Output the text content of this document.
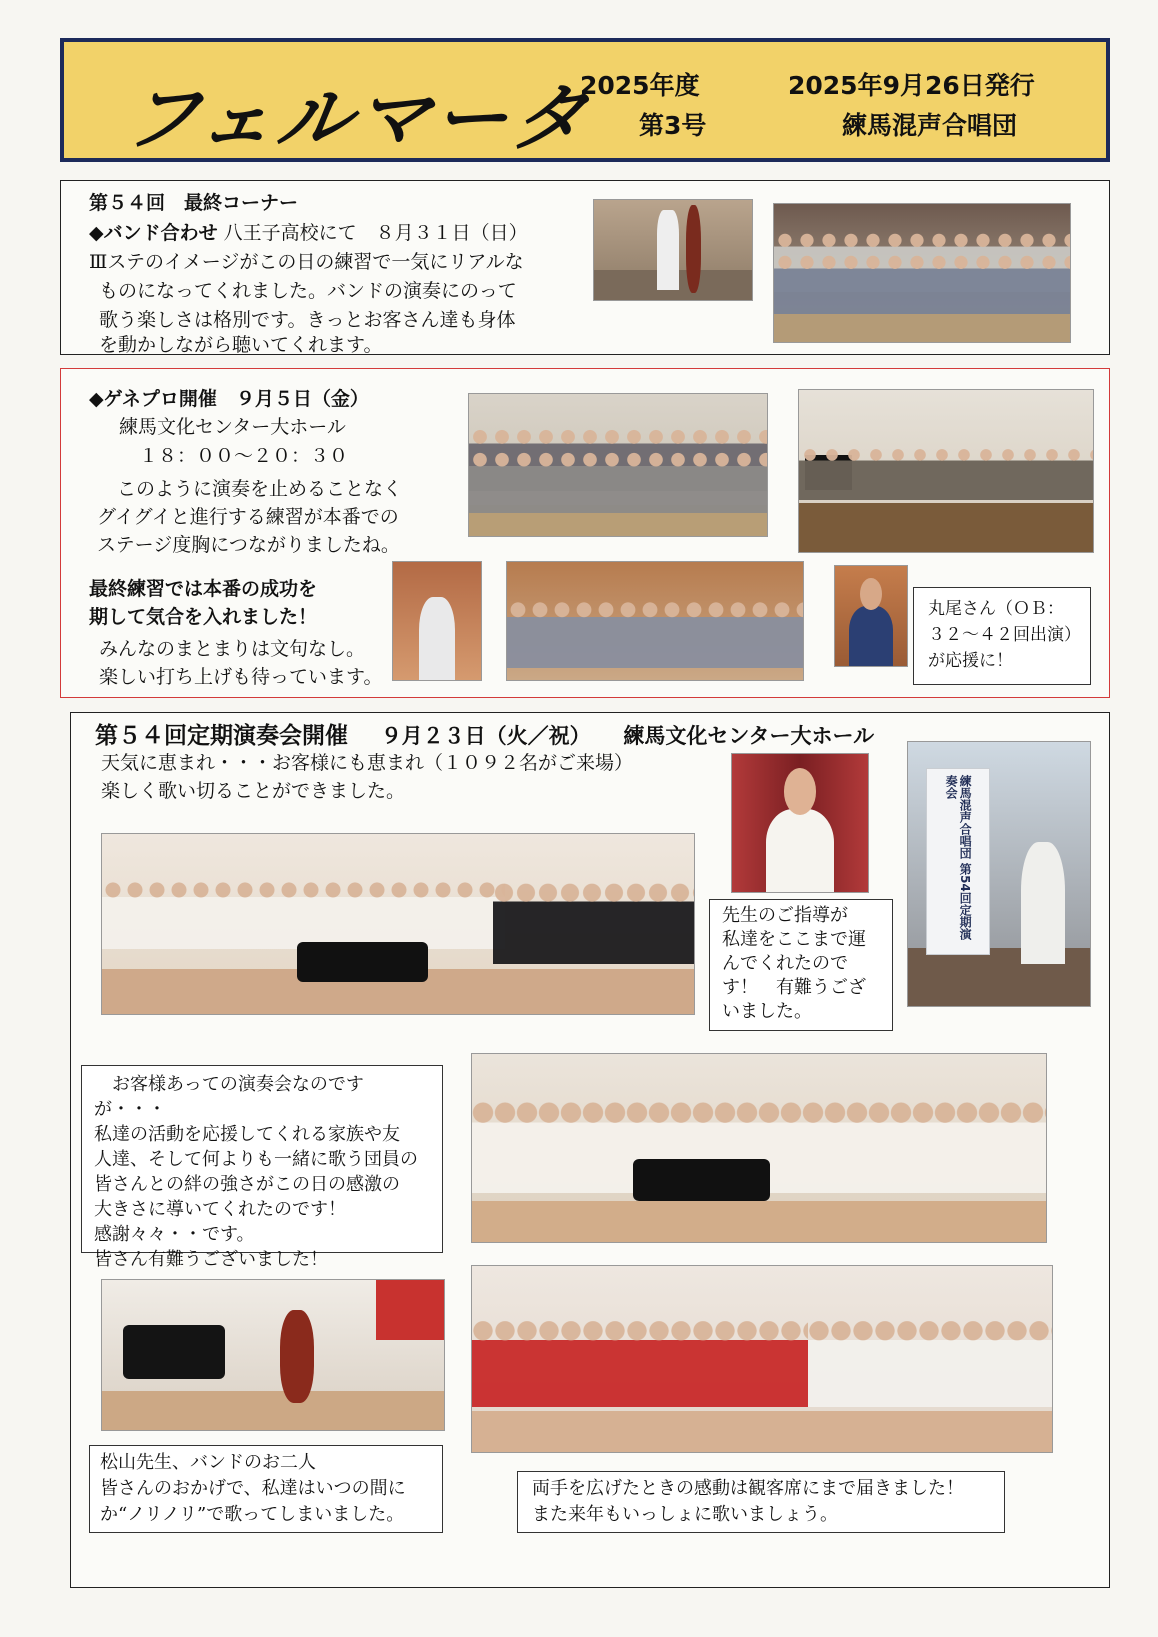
フェルマータ
2025年度
第3号
2025年9月26日発行
練馬混声合唱団
第５４回　最終コーナー
◆バンド合わせ 八王子高校にて　８月３１日（日）
Ⅲステのイメージがこの日の練習で一気にリアルな
ものになってくれました。バンドの演奏にのって
歌う楽しさは格別です。きっとお客さん達も身体
を動かしながら聴いてくれます。
◆ゲネプロ開催　９月５日（金）
練馬文化センター大ホール
１８：００〜２０：３０
このように演奏を止めることなく
グイグイと進行する練習が本番での
ステージ度胸につながりましたね。
最終練習では本番の成功を
期して気合を入れました！
みんなのまとまりは文句なし。
楽しい打ち上げも待っています。
丸尾さん（ＯＢ：
３２〜４２回出演）
が応援に！
第５４回定期演奏会開催 ９月２３日（火／祝） 練馬文化センター大ホール
天気に恵まれ・・・お客様にも恵まれ（１０９２名がご来場）
楽しく歌い切ることができました。
先生のご指導が
私達をここまで運
んでくれたので
す！　有難うござ
いました。
練馬混声合唱団 第54回定期演奏会
　お客様あっての演奏会なのですが・・・
私達の活動を応援してくれる家族や友
人達、そして何よりも一緒に歌う団員の
皆さんとの絆の強さがこの日の感激の
大きさに導いてくれたのです！
感謝々々・・です。
皆さん有難うございました！
松山先生、バンドのお二人
皆さんのおかげで、私達はいつの間に
か“ノリノリ”で歌ってしまいました。
両手を広げたときの感動は観客席にまで届きました！
また来年もいっしょに歌いましょう。
